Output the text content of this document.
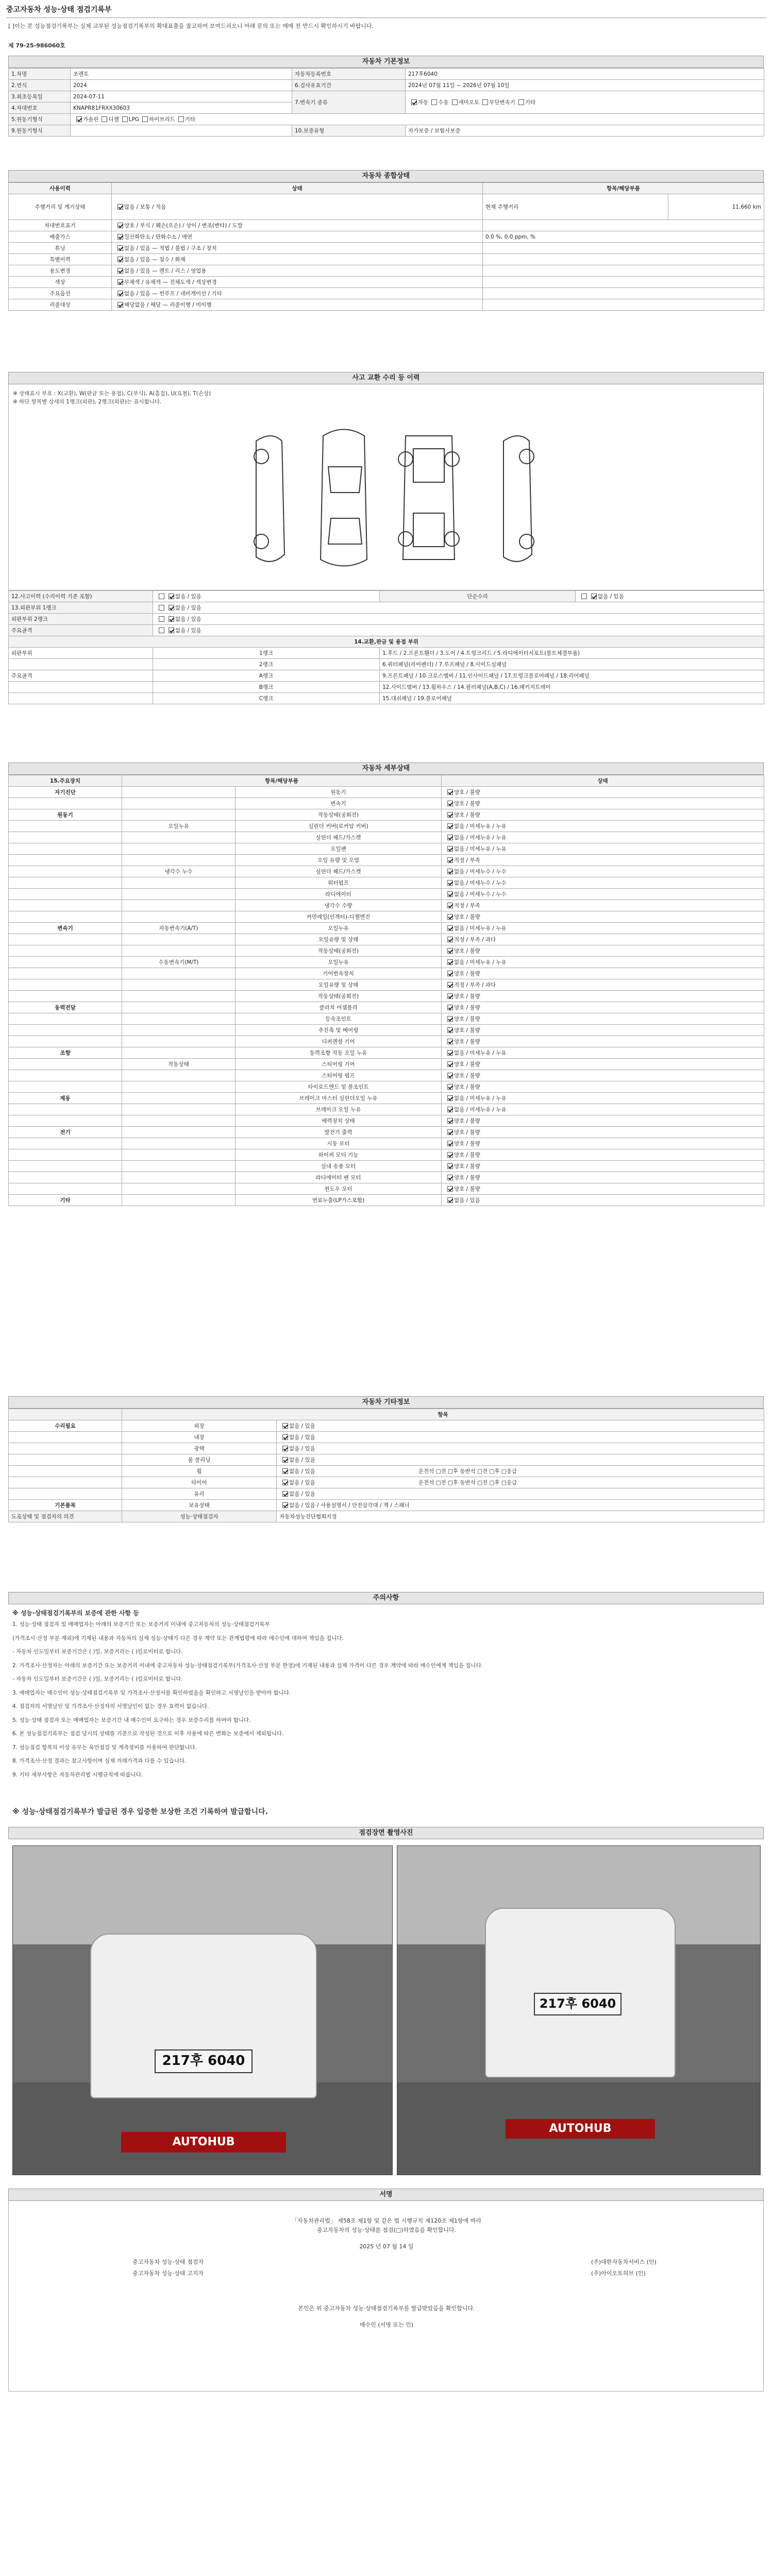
중고자동차 성능·상태 점검기록부
[ ]이는 본 성능점검기록부는 실제 교부된 성능점검기록부의 확대표출을 참고하여 보여드리오니 아래 문의 또는 매매 전 반드시 확인하시기 바랍니다.
제 79-25-986060호
자동차 기본정보
1.차명	쏘렌토	자동차등록번호	217후6040
2.연식	2024	6.검사유효기간	2024년 07월 11일 ~ 2026년 07월 10일
3.최초등록일	2024-07-11	7.변속기 종류	자동 수동 세미오토 무단변속기 기타
4.차대번호	KNAPR81FRXX30603		
5.원동기형식	가솔린 디젤 LPG 하이브리드 기타		
9.원동기형식		10.보증유형	자가보증 / 보험사보증
자동차 종합상태
사용이력	상태	항목/해당부품	
주행거리 및 계기상태	많음 / 보통 / 적음	현재 주행거리	11,660 km
차대번호표기	양호 / 부식 / 훼손(오손) / 상이 / 변조(변타) / 도말		
배출가스	일산화탄소 / 탄화수소 / 매연	0.0 %, 0.0 ppm, %	
튜닝	없음 / 있음 — 적법 / 불법 / 구조 / 장치		
특별이력	없음 / 있음 — 침수 / 화재		
용도변경	없음 / 있음 — 렌트 / 리스 / 영업용		
색상	무채색 / 유채색 — 전체도색 / 색상변경		
주요옵션	없음 / 있음 — 썬루프 / 네비게이션 / 기타		
리콜대상	해당없음 / 해당 — 리콜이행 / 미이행		
사고 교환 수리 등 이력
※ 상태표시 부호 : X(교환), W(판금 또는 용접), C(부식), A(흠집), U(요철), T(손상)
※ 하단 항목별 상세의 1랭크(외판), 2랭크(외판)는 표시합니다.
12.사고이력 (수리이력 기준 포함)	없음 / 있음	단순수리	없음 / 있음
13.외판부위 1랭크	없음 / 있음		
외판부위 2랭크	없음 / 있음		
주요골격	없음 / 있음		
14.교환,판금 및 용접 부위			
외판부위	1랭크	1.후드 / 2.프론트휀더 / 3.도어 / 4.트렁크리드 / 5.라디에이터서포트(볼트체결부품)	
	2랭크	6.쿼터패널(리어펜더) / 7.루프패널 / 8.사이드실패널	
주요골격	A랭크	9.프론트패널 / 10.크로스멤버 / 11.인사이드패널 / 17.트렁크플로어패널 / 18.리어패널	
	B랭크	12.사이드멤버 / 13.휠하우스 / 14.필러패널(A,B,C) / 16.패키지트레이	
	C랭크	15.대쉬패널 / 19.플로어패널	
자동차 세부상태
15.주요장치	항목/해당부품		상태
자기진단		원동기	양호 / 불량
		변속기	양호 / 불량
원동기		작동상태(공회전)	양호 / 불량
	오일누유	실린더 커버(로커암 커버)	없음 / 미세누유 / 누유
		실린더 헤드/가스켓	없음 / 미세누유 / 누유
		오일팬	없음 / 미세누유 / 누유
		오일 유량 및 오염	적정 / 부족
	냉각수 누수	실린더 헤드/가스켓	없음 / 미세누수 / 누수
		워터펌프	없음 / 미세누수 / 누수
		라디에이터	없음 / 미세누수 / 누수
		냉각수 수량	적정 / 부족
		커먼레일(인젝터)-디젤엔진	양호 / 불량
변속기	자동변속기(A/T)	오일누유	없음 / 미세누유 / 누유
		오일유량 및 상태	적정 / 부족 / 과다
		작동상태(공회전)	양호 / 불량
	수동변속기(M/T)	오일누유	없음 / 미세누유 / 누유
		기어변속장치	양호 / 불량
		오일유량 및 상태	적정 / 부족 / 과다
		작동상태(공회전)	양호 / 불량
동력전달		클러치 어셈블리	양호 / 불량
		등속조인트	양호 / 불량
		추진축 및 베어링	양호 / 불량
		디퍼렌셜 기어	양호 / 불량
조향		동력조향 작동 오일 누유	없음 / 미세누유 / 누유
	작동상태	스티어링 기어	양호 / 불량
		스티어링 펌프	양호 / 불량
		타이로드엔드 및 볼조인트	양호 / 불량
제동		브레이크 마스터 실린더오일 누유	없음 / 미세누유 / 누유
		브레이크 오일 누유	없음 / 미세누유 / 누유
		배력장치 상태	양호 / 불량
전기		발전기 출력	양호 / 불량
		시동 모터	양호 / 불량
		와이퍼 모터 기능	양호 / 불량
		실내 송풍 모터	양호 / 불량
		라디에이터 팬 모터	양호 / 불량
		윈도우 모터	양호 / 불량
기타		연료누출(LP가스포함)	없음 / 있음
자동차 기타정보
	항목	
수리필요	외장	없음 / 있음
	내장	없음 / 있음
	광택	없음 / 있음
	룸 클리닝	없음 / 있음
	휠	없음 / 있음 운전석 □전 □후 동반석 □전 □후 □응급
	타이어	없음 / 있음 운전석 □전 □후 동반석 □전 □후 □응급
	유리	없음 / 있음
기본품목	보유상태	없음 / 있음 / 사용설명서 / 안전삼각대 / 잭 / 스패너
도포상태 및 점검자의 의견	성능·상태점검자	자동차성능진단협회지정
주의사항
※ 성능·상태점검기록부의 보증에 관한 사항 등
1. 성능·상태 점검자 및 매매업자는 아래의 보증기간 또는 보증거리 이내에 중고자동차의 성능·상태점검기록부
(가격조사·산정 부분 제외)에 기재된 내용과 자동차의 실제 성능·상태가 다른 경우 계약 또는 관계법령에 따라 매수인에 대하여 책임을 집니다.
- 자동차 인도일부터 보증기간은 ( )일, 보증거리는 ( )킬로미터로 합니다.
2. 가격조사·산정자는 아래의 보증기간 또는 보증거리 이내에 중고자동차 성능·상태점검기록부(가격조사·산정 부분 한정)에 기재된 내용과 실제 가격이 다른 경우 계약에 따라 매수인에게 책임을 집니다.
- 자동차 인도일부터 보증기간은 ( )일, 보증거리는 ( )킬로미터로 합니다.
3. 매매업자는 매수인이 성능·상태점검기록부 및 가격조사·산정서를 확인하였음을 확인하고 서명날인을 받아야 합니다.
4. 점검자의 서명날인 및 가격조사·산정자의 서명날인이 없는 경우 효력이 없습니다.
5. 성능·상태 점검자 또는 매매업자는 보증기간 내 매수인이 요구하는 경우 보증수리를 하여야 합니다.
6. 본 성능점검기록부는 점검 당시의 상태를 기준으로 작성된 것으로 이후 사용에 따른 변화는 보증에서 제외됩니다.
7. 성능점검 항목의 이상 유무는 육안점검 및 계측장비를 이용하여 판단합니다.
8. 가격조사·산정 결과는 참고사항이며 실제 거래가격과 다를 수 있습니다.
9. 기타 세부사항은 자동차관리법 시행규칙에 따릅니다.
※ 성능·상태점검기록부가 발급된 경우 입증한 보상한 조건 기록하여 발급합니다.
점검장면 촬영사진
217후 6040
AUTOHUB
217후 6040
AUTOHUB
서명
「자동차관리법」 제58조 제1항 및 같은 법 시행규칙 제120조 제1항에 따라
중고자동차의 성능·상태를 점검(□)하였음을 확인합니다.
2025 년 07 월 14 일
중고자동차 성능·상태 점검자	(주)대한자동차서비스 (인)
중고자동차 성능·상태 고지자	(주)아이오토허브 (인)
본인은 위 중고자동차 성능·상태점검기록부를 발급받았음을 확인합니다.
매수인 (서명 또는 인)
